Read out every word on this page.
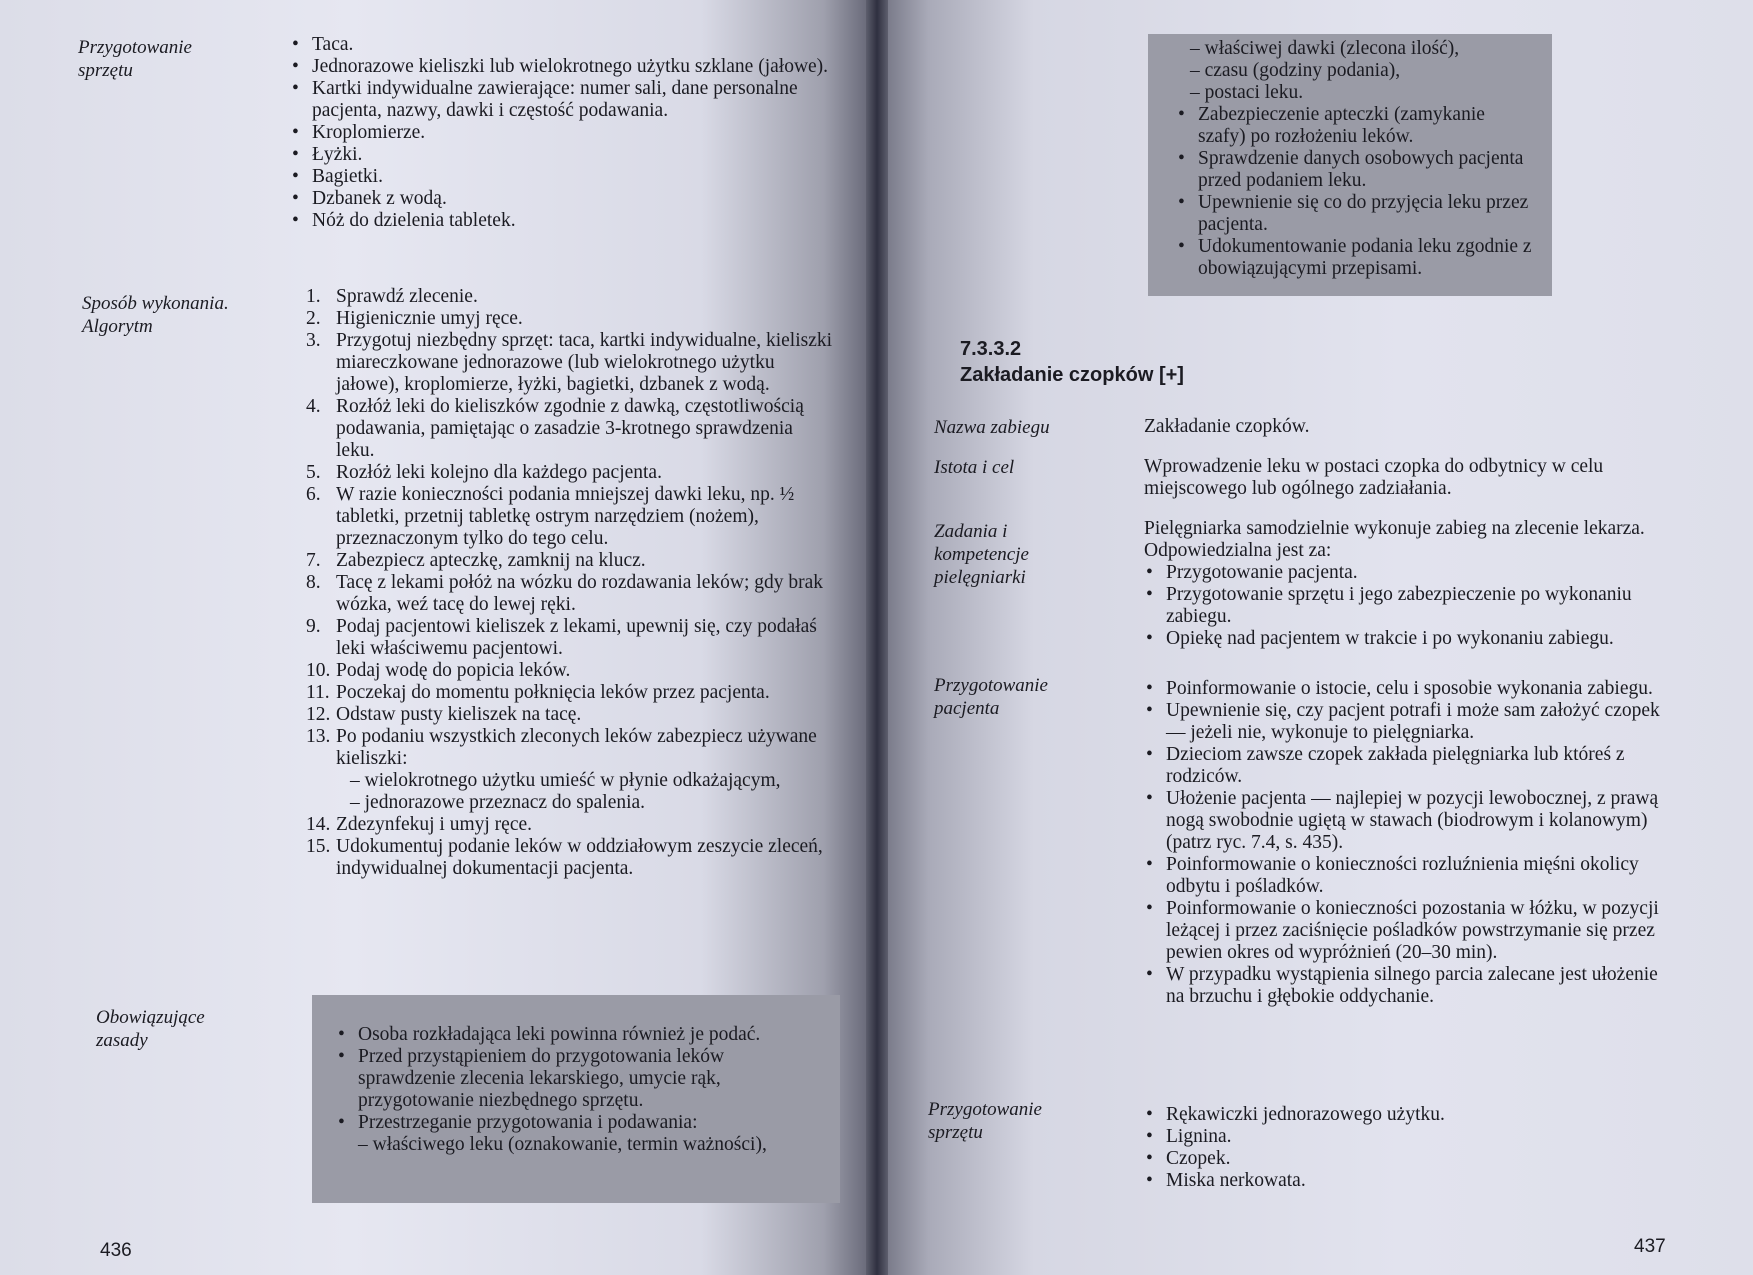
Przygotowanie sprzętu
• Taca.
• Jednorazowe kieliszki lub wielokrotnego użytku szklane (jałowe).
• Kartki indywidualne zawierające: numer sali, dane personalne pacjenta, nazwy, dawki i częstość podawania.
• Kroplomierze.
• Łyżki.
• Bagietki.
• Dzbanek z wodą.
• Nóż do dzielenia tabletek.
Sposób wykonania. Algorytm
1. Sprawdź zlecenie.
2. Higienicznie umyj ręce.
3. Przygotuj niezbędny sprzęt: taca, kartki indywidualne, kieliszki miareczkowane jednorazowe (lub wielokrotnego użytku jałowe), kroplomierze, łyżki, bagietki, dzbanek z wodą.
4. Rozłóż leki do kieliszków zgodnie z dawką, częstotliwością podawania, pamiętając o zasadzie 3-krotnego sprawdzenia leku.
5. Rozłóż leki kolejno dla każdego pacjenta.
6. W razie konieczności podania mniejszej dawki leku, np. ½ tabletki, przetnij tabletkę ostrym narzędziem (nożem), przeznaczonym tylko do tego celu.
7. Zabezpiecz apteczkę, zamknij na klucz.
8. Tacę z lekami połóż na wózku do rozdawania leków; gdy brak wózka, weź tacę do lewej ręki.
9. Podaj pacjentowi kieliszek z lekami, upewnij się, czy podałaś leki właściwemu pacjentowi.
10. Podaj wodę do popicia leków.
11. Poczekaj do momentu połknięcia leków przez pacjenta.
12. Odstaw pusty kieliszek na tacę.
13. Po podaniu wszystkich zleconych leków zabezpiecz używane kieliszki:
– wielokrotnego użytku umieść w płynie odkażającym,
– jednorazowe przeznacz do spalenia.
14. Zdezynfekuj i umyj ręce.
15. Udokumentuj podanie leków w oddziałowym zeszycie zleceń, indywidualnej dokumentacji pacjenta.
Obowiązujące zasady
•	Osoba rozkładająca leki powinna również je podać.
• Przed przystąpieniem do przygotowania leków sprawdzenie zlecenia lekarskiego, umycie rąk, przygotowanie niezbędnego sprzętu.
• Przestrzeganie przygotowania i podawania:
– właściwego leku (oznakowanie, termin ważności),
436
– właściwej dawki (zlecona ilość),
– czasu (godziny podania),
– postaci leku.
• Zabezpieczenie apteczki (zamykanie szafy) po rozłożeniu leków.
• Sprawdzenie danych osobowych pacjenta przed podaniem leku.
• Upewnienie się co do przyjęcia leku przez pacjenta.
• Udokumentowanie podania leku zgodnie z obowiązującymi przepisami.
7.3.3.2
Zakładanie czopków [+]
Nazwa zabiegu	Zakładanie czopków.
Istota i cel	Wprowadzenie leku w postaci czopka do odbytnicy w celu miejscowego lub ogólnego zadziałania.
Zadania i kompetencje pielęgniarki
Pielęgniarka samodzielnie wykonuje zabieg na zlecenie lekarza. Odpowiedzialna jest za:
• Przygotowanie pacjenta.
• Przygotowanie sprzętu i jego zabezpieczenie po wykonaniu zabiegu.
• Opiekę nad pacjentem w trakcie i po wykonaniu zabiegu.
Przygotowanie pacjenta
• Poinformowanie o istocie, celu i sposobie wykonania zabiegu.
• Upewnienie się, czy pacjent potrafi i może sam założyć czopek — jeżeli nie, wykonuje to pielęgniarka.
• Dzieciom zawsze czopek zakłada pielęgniarka lub któreś z rodziców.
• Ułożenie pacjenta — najlepiej w pozycji lewobocznej, z prawą nogą swobodnie ugiętą w stawach (biodrowym i kolanowym) (patrz ryc. 7.4, s. 435).
• Poinformowanie o konieczności rozluźnienia mięśni okolicy odbytu i pośladków.
• Poinformowanie o konieczności pozostania w łóżku, w pozycji leżącej i przez zaciśnięcie pośladków powstrzymanie się przez pewien okres od wypróżnień (20–30 min).
• W przypadku wystąpienia silnego parcia zalecane jest ułożenie na brzuchu i głębokie oddychanie.
Przygotowanie sprzętu
• Rękawiczki jednorazowego użytku.
• Lignina.
• Czopek.
• Miska nerkowata.
437
